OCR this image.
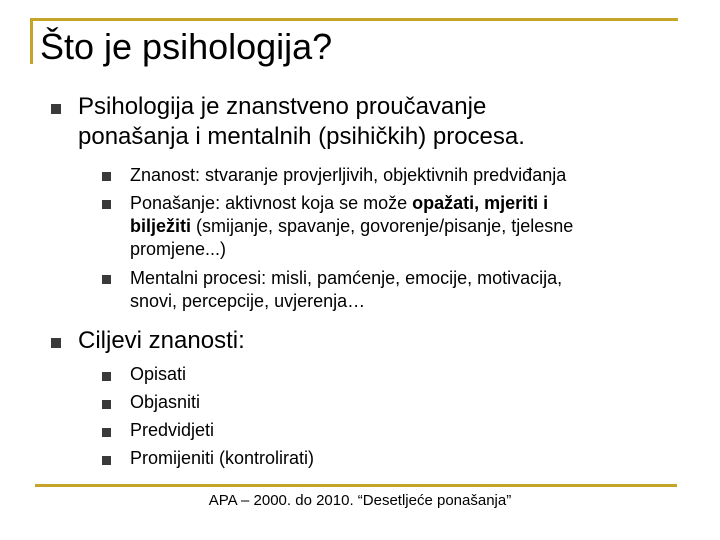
Što je psihologija?
Psihologija je znanstveno proučavanje
ponašanja i mentalnih (psihičkih) procesa.
Znanost: stvaranje provjerljivih, objektivnih predviđanja
Ponašanje: aktivnost koja se može opažati, mjeriti i
bilježiti (smijanje, spavanje, govorenje/pisanje, tjelesne
promjene...)
Mentalni procesi: misli, pamćenje, emocije, motivacija,
snovi, percepcije, uvjerenja…
Ciljevi znanosti:
Opisati
Objasniti
Predvidjeti
Promijeniti (kontrolirati)
APA – 2000. do 2010. “Desetljeće ponašanja”
